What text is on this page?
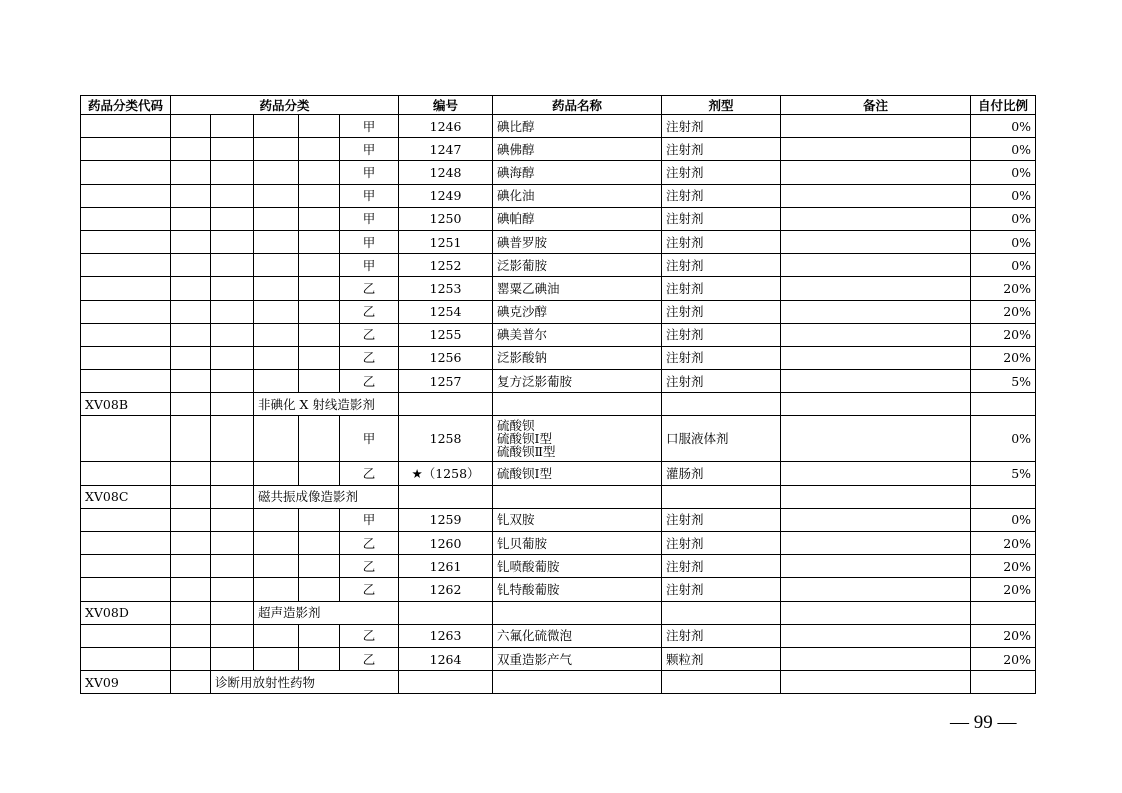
药品分类代码	药品分类					编号	药品名称	剂型	备注	自付比例
					甲	1246	碘比醇	注射剂		0%
					甲	1247	碘佛醇	注射剂		0%
					甲	1248	碘海醇	注射剂		0%
					甲	1249	碘化油	注射剂		0%
					甲	1250	碘帕醇	注射剂		0%
					甲	1251	碘普罗胺	注射剂		0%
					甲	1252	泛影葡胺	注射剂		0%
					乙	1253	罂粟乙碘油	注射剂		20%
					乙	1254	碘克沙醇	注射剂		20%
					乙	1255	碘美普尔	注射剂		20%
					乙	1256	泛影酸钠	注射剂		20%
					乙	1257	复方泛影葡胺	注射剂		5%
XV08B			非碘化 X 射线造影剂							
					甲	1258	硫酸钡
硫酸钡Ⅰ型
硫酸钡Ⅱ型	口服液体剂		0%
					乙	★（1258）	硫酸钡Ⅰ型	灌肠剂		5%
XV08C			磁共振成像造影剂							
					甲	1259	钆双胺	注射剂		0%
					乙	1260	钆贝葡胺	注射剂		20%
					乙	1261	钆喷酸葡胺	注射剂		20%
					乙	1262	钆特酸葡胺	注射剂		20%
XV08D			超声造影剂							
					乙	1263	六氟化硫微泡	注射剂		20%
					乙	1264	双重造影产气	颗粒剂		20%
XV09		诊断用放射性药物								
— 99 —
